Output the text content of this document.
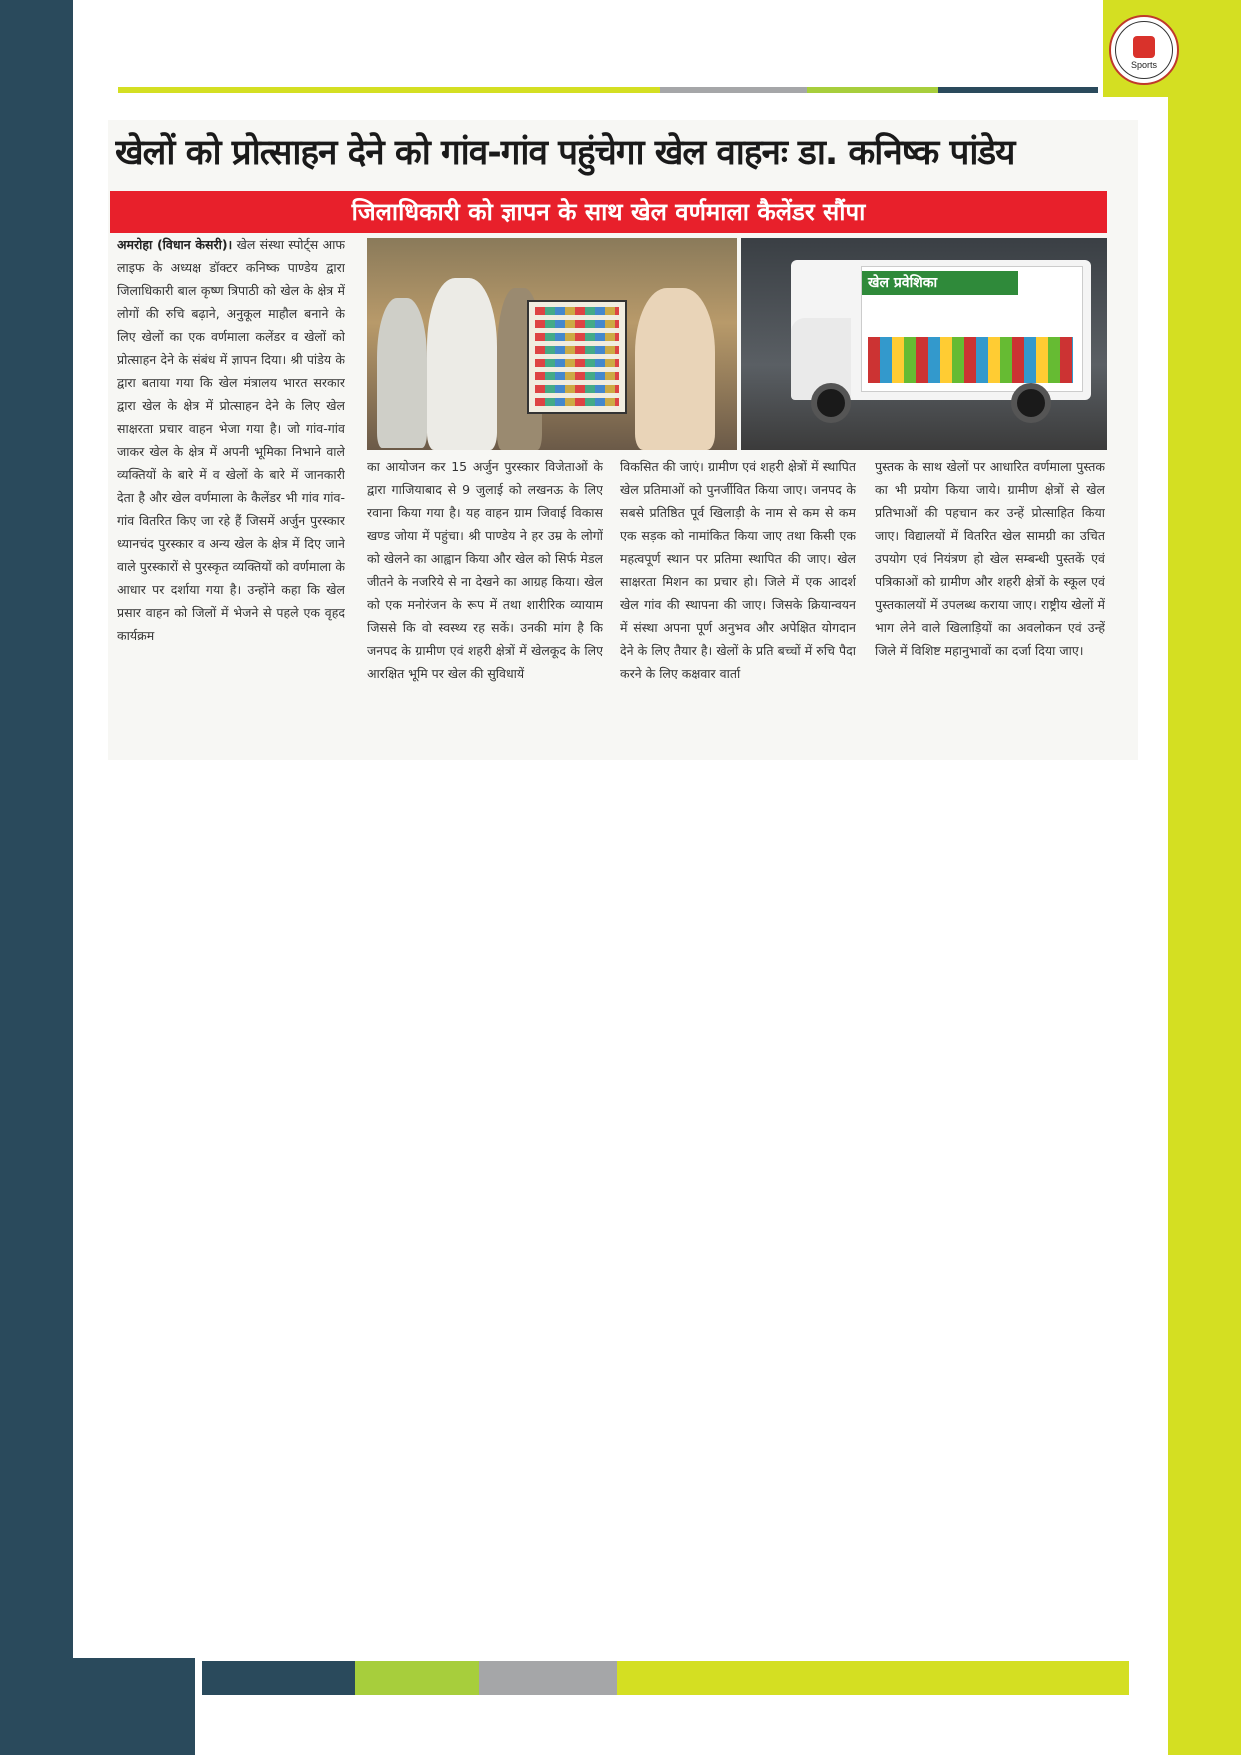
Sports
खेलों को प्रोत्साहन देने को गांव-गांव पहुंचेगा खेल वाहनः डा. कनिष्क पांडेय
जिलाधिकारी को ज्ञापन के साथ खेल वर्णमाला कैलेंडर सौंपा
अमरोहा (विधान केसरी)। खेल संस्था स्पोर्ट्स आफ लाइफ के अध्यक्ष डॉक्टर कनिष्क पाण्डेय द्वारा जिलाधिकारी बाल कृष्ण त्रिपाठी को खेल के क्षेत्र में लोगों की रुचि बढ़ाने, अनुकूल माहौल बनाने के लिए खेलों का एक वर्णमाला कलेंडर व खेलों को प्रोत्साहन देने के संबंध में ज्ञापन दिया। श्री पांडेय के द्वारा बताया गया कि खेल मंत्रालय भारत सरकार द्वारा खेल के क्षेत्र में प्रोत्साहन देने के लिए खेल साक्षरता प्रचार वाहन भेजा गया है। जो गांव-गांव जाकर खेल के क्षेत्र में अपनी भूमिका निभाने वाले व्यक्तियों के बारे में व खेलों के बारे में जानकारी देता है और खेल वर्णमाला के कैलेंडर भी गांव गांव-गांव वितरित किए जा रहे हैं जिसमें अर्जुन पुरस्कार ध्यानचंद पुरस्कार व अन्य खेल के क्षेत्र में दिए जाने वाले पुरस्कारों से पुरस्कृत व्यक्तियों को वर्णमाला के आधार पर दर्शाया गया है। उन्होंने कहा कि खेल प्रसार वाहन को जिलों में भेजने से पहले एक वृहद कार्यक्रम
खेल प्रवेशिका
का आयोजन कर 15 अर्जुन पुरस्कार विजेताओं के द्वारा गाजियाबाद से 9 जुलाई को लखनऊ के लिए रवाना किया गया है। यह वाहन ग्राम जिवाई विकास खण्ड जोया में पहुंचा। श्री पाण्डेय ने हर उम्र के लोगों को खेलने का आह्वान किया और खेल को सिर्फ मेडल जीतने के नजरिये से ना देखने का आग्रह किया। खेल को एक मनोरंजन के रूप में तथा शारीरिक व्यायाम जिससे कि वो स्वस्थ्य रह सकें। उनकी मांग है कि जनपद के ग्रामीण एवं शहरी क्षेत्रों में खेलकूद के लिए आरक्षित भूमि पर खेल की सुविधायें
विकसित की जाएं। ग्रामीण एवं शहरी क्षेत्रों में स्थापित खेल प्रतिमाओं को पुनर्जीवित किया जाए। जनपद के सबसे प्रतिष्ठित पूर्व खिलाड़ी के नाम से कम से कम एक सड़क को नामांकित किया जाए तथा किसी एक महत्वपूर्ण स्थान पर प्रतिमा स्थापित की जाए। खेल साक्षरता मिशन का प्रचार हो। जिले में एक आदर्श खेल गांव की स्थापना की जाए। जिसके क्रियान्वयन में संस्था अपना पूर्ण अनुभव और अपेक्षित योगदान देने के लिए तैयार है। खेलों के प्रति बच्चों में रुचि पैदा करने के लिए कक्षवार वार्ता
पुस्तक के साथ खेलों पर आधारित वर्णमाला पुस्तक का भी प्रयोग किया जाये। ग्रामीण क्षेत्रों से खेल प्रतिभाओं की पहचान कर उन्हें प्रोत्साहित किया जाए। विद्यालयों में वितरित खेल सामग्री का उचित उपयोग एवं नियंत्रण हो खेल सम्बन्धी पुस्तकें एवं पत्रिकाओं को ग्रामीण और शहरी क्षेत्रों के स्कूल एवं पुस्तकालयों में उपलब्ध कराया जाए। राष्ट्रीय खेलों में भाग लेने वाले खिलाड़ियों का अवलोकन एवं उन्हें जिले में विशिष्ट महानुभावों का दर्जा दिया जाए।
